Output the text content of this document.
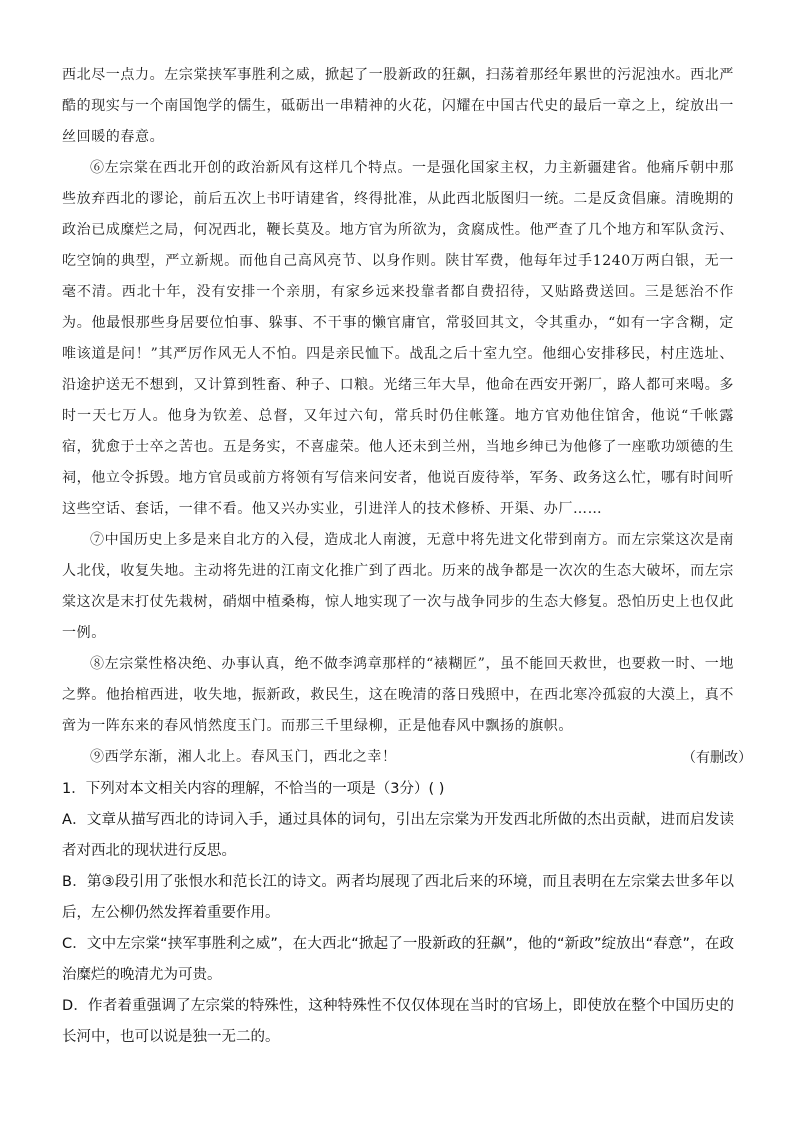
西北尽一点力。左宗棠挟军事胜利之威，掀起了一股新政的狂飙，扫荡着那经年累世的污泥浊水。西北严酷的现实与一个南国饱学的儒生，砥砺出一串精神的火花，闪耀在中国古代史的最后一章之上，绽放出一丝回暖的春意。

⑥左宗棠在西北开创的政治新风有这样几个特点。一是强化国家主权，力主新疆建省。他痛斥朝中那些放弃西北的谬论，前后五次上书吁请建省，终得批准，从此西北版图归一统。二是反贪倡廉。清晚期的政治已成糜烂之局，何况西北，鞭长莫及。地方官为所欲为，贪腐成性。他严查了几个地方和军队贪污、吃空饷的典型，严立新规。而他自己高风亮节、以身作则。陕甘军费，他每年过手1240万两白银，无一毫不清。西北十年，没有安排一个亲朋，有家乡远来投靠者都自费招待，又贴路费送回。三是惩治不作为。他最恨那些身居要位怕事、躲事、不干事的懒官庸官，常驳回其文，令其重办，“如有一字含糊，定唯该道是问！”其严厉作风无人不怕。四是亲民恤下。战乱之后十室九空。他细心安排移民，村庄选址、沿途护送无不想到，又计算到牲畜、种子、口粮。光绪三年大旱，他命在西安开粥厂，路人都可来喝。多时一天七万人。他身为钦差、总督，又年过六旬，常兵时仍住帐篷。地方官劝他住馆舍，他说“千帐露宿，犹愈于士卒之苦也。五是务实，不喜虚荣。他人还未到兰州，当地乡绅已为他修了一座歌功颂德的生祠，他立令拆毁。地方官员或前方将领有写信来问安者，他说百废待举，军务、政务这么忙，哪有时间听这些空话、套话，一律不看。他又兴办实业，引进洋人的技术修桥、开渠、办厂……

⑦中国历史上多是来自北方的入侵，造成北人南渡，无意中将先进文化带到南方。而左宗棠这次是南人北伐，收复失地。主动将先进的江南文化推广到了西北。历来的战争都是一次次的生态大破坏，而左宗棠这次是末打仗先栽树，硝烟中植桑梅，惊人地实现了一次与战争同步的生态大修复。恐怕历史上也仅此一例。

⑧左宗棠性格决绝、办事认真，绝不做李鸿章那样的“裱糊匠”，虽不能回天救世，也要救一时、一地之弊。他抬棺西进，收失地，振新政，救民生，这在晚清的落日残照中，在西北寒冷孤寂的大漠上，真不啻为一阵东来的春风悄然度玉门。而那三千里绿柳，正是他春风中飘扬的旗帜。

⑨西学东渐，湘人北上。春风玉门，西北之幸！	（有删改）

1．下列对本文相关内容的理解，不恰当的一项是（3分）( )

A．文章从描写西北的诗词入手，通过具体的词句，引出左宗棠为开发西北所做的杰出贡献，进而启发读者对西北的现状进行反思。

B．第③段引用了张恨水和范长江的诗文。两者均展现了西北后来的环境，而且表明在左宗棠去世多年以后，左公柳仍然发挥着重要作用。

C．文中左宗棠“挟军事胜利之威”，在大西北“掀起了一股新政的狂飙”，他的“新政”绽放出“春意”，在政治糜烂的晚清尤为可贵。

D．作者着重强调了左宗棠的特殊性，这种特殊性不仅仅体现在当时的官场上，即使放在整个中国历史的长河中，也可以说是独一无二的。
